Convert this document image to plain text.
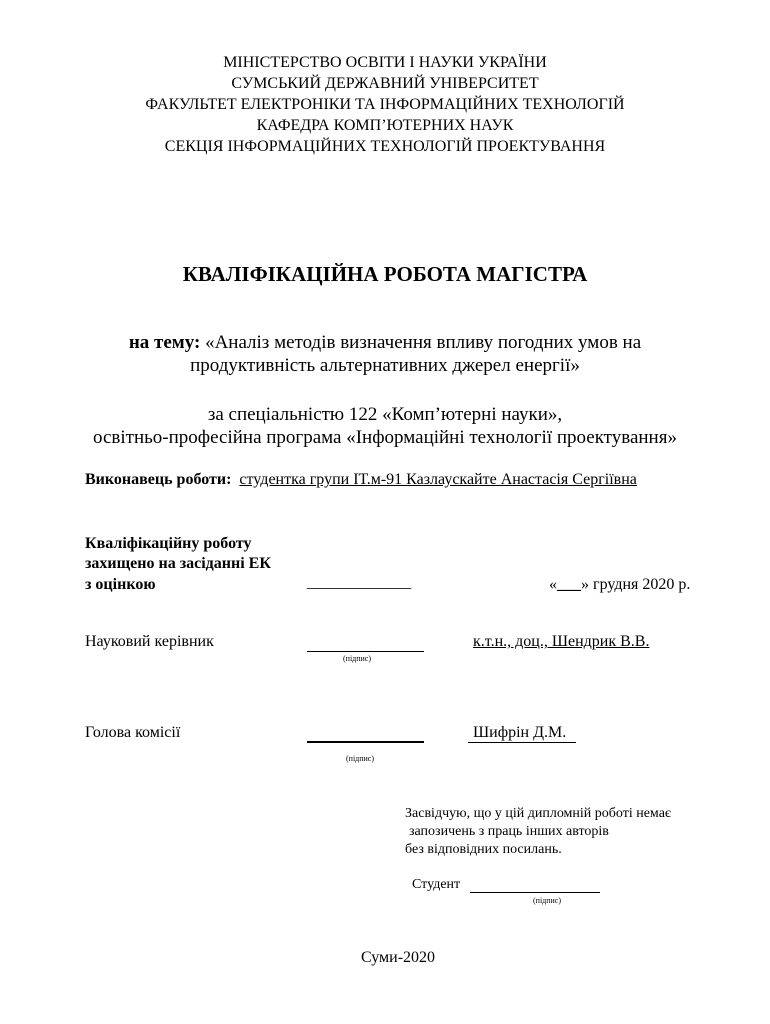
МІНІСТЕРСТВО ОСВІТИ І НАУКИ УКРАЇНИ
СУМСЬКИЙ ДЕРЖАВНИЙ УНІВЕРСИТЕТ
ФАКУЛЬТЕТ ЕЛЕКТРОНІКИ ТА ІНФОРМАЦІЙНИХ ТЕХНОЛОГІЙ
КАФЕДРА КОМП’ЮТЕРНИХ НАУК
СЕКЦІЯ ІНФОРМАЦІЙНИХ ТЕХНОЛОГІЙ ПРОЕКТУВАННЯ
КВАЛІФІКАЦІЙНА РОБОТА МАГІСТРА
на тему: «Аналіз методів визначення впливу погодних умов на
продуктивність альтернативних джерел енергії»
за спеціальністю 122 «Комп’ютерні науки»,
освітньо-професійна програма «Інформаційні технології проектування»
Виконавець роботи: студентка групи ІТ.м-91 Казлаускайте Анастасія Сергіївна
Кваліфікаційну роботу
захищено на засіданні ЕК
з оцінкою	_____________	«___» грудня 2020 р.
Науковий керівник
(підпис)
к.т.н., доц., Шендрик В.В.
Голова комісії
(підпис)
Шифрін Д.М.
Засвідчую, що у цій дипломній роботі немає
запозичень з праць інших авторів
без відповідних посилань.
Студент
(підпис)
Суми-2020
